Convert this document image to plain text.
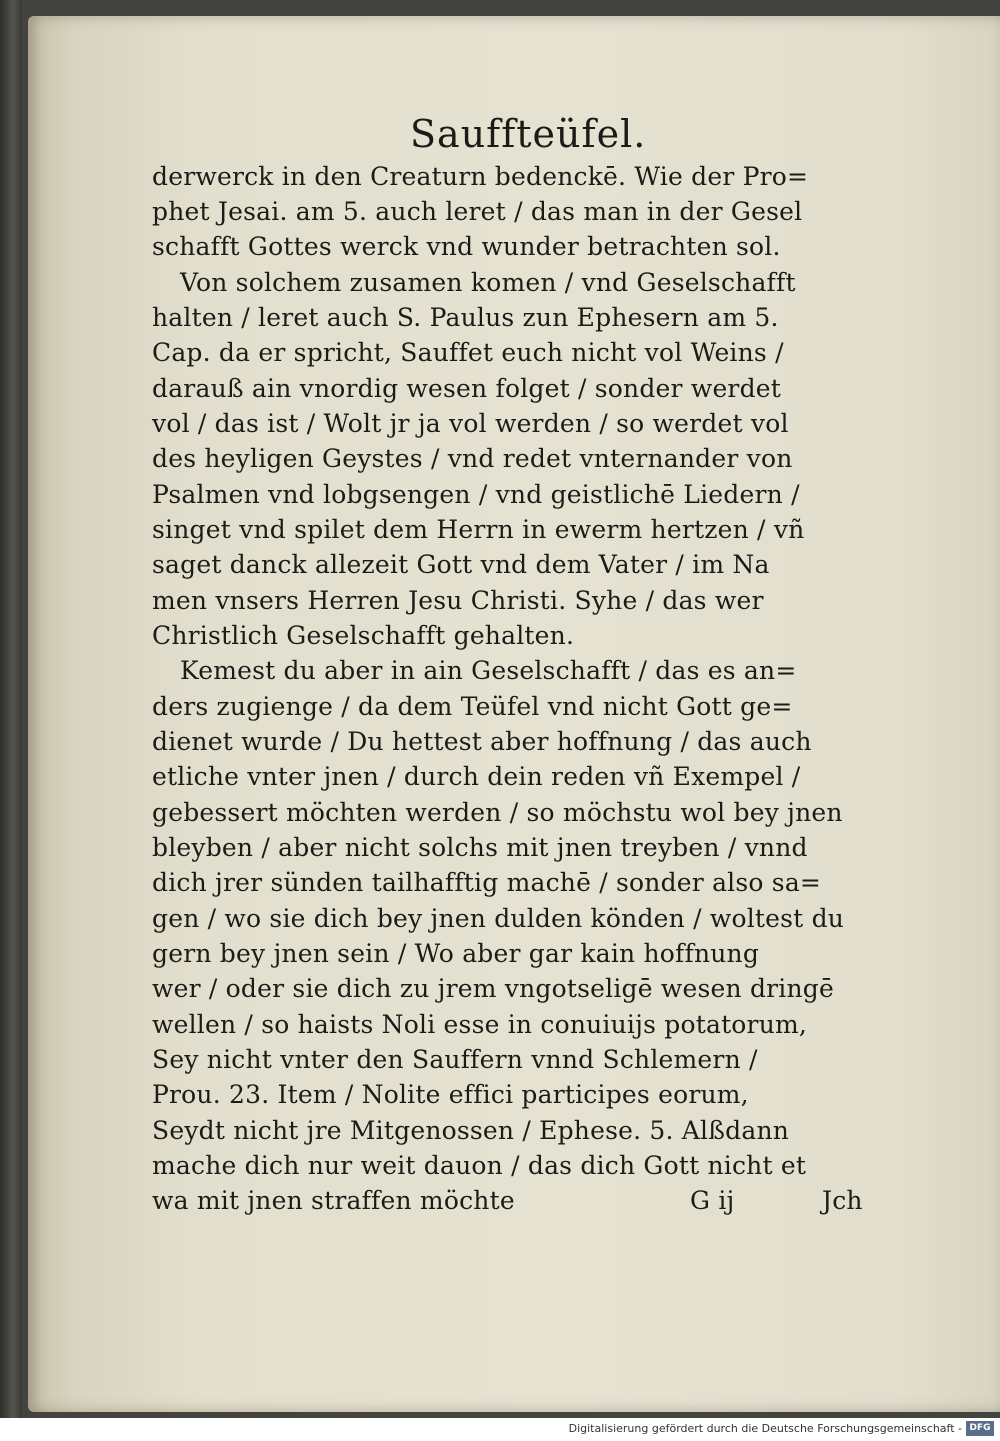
Sauffteüfel.
derwerck in den Creaturn bedenckē. Wie der Pro=
phet Jesai. am 5. auch leret / das man in der Gesel
schafft Gottes werck vnd wunder betrachten sol.
Von solchem zusamen komen / vnd Geselschafft
halten / leret auch S. Paulus zun Ephesern am 5.
Cap. da er spricht, Sauffet euch nicht vol Weins /
darauß ain vnordig wesen folget / sonder werdet
vol / das ist / Wolt jr ja vol werden / so werdet vol
des heyligen Geystes / vnd redet vnternander von
Psalmen vnd lobgsengen / vnd geistlichē Liedern /
singet vnd spilet dem Herrn in ewerm hertzen / vñ
saget danck allezeit Gott vnd dem Vater / im Na
men vnsers Herren Jesu Christi. Syhe / das wer
Christlich Geselschafft gehalten.
Kemest du aber in ain Geselschafft / das es an=
ders zugienge / da dem Teüfel vnd nicht Gott ge=
dienet wurde / Du hettest aber hoffnung / das auch
etliche vnter jnen / durch dein reden vñ Exempel /
gebessert möchten werden / so möchstu wol bey jnen
bleyben / aber nicht solchs mit jnen treyben / vnnd
dich jrer sünden tailhafftig machē / sonder also sa=
gen / wo sie dich bey jnen dulden könden / woltest du
gern bey jnen sein / Wo aber gar kain hoffnung
wer / oder sie dich zu jrem vngotseligē wesen dringē
wellen / so haists Noli esse in conuiuijs potatorum,
Sey nicht vnter den Sauffern vnnd Schlemern /
Prou. 23. Item / Nolite effici participes eorum,
Seydt nicht jre Mitgenossen / Ephese. 5. Alßdann
mache dich nur weit dauon / das dich Gott nicht et
wa mit jnen straffen möchte	G ij	Jch
Digitalisierung gefördert durch die Deutsche Forschungsgemeinschaft - DFG
